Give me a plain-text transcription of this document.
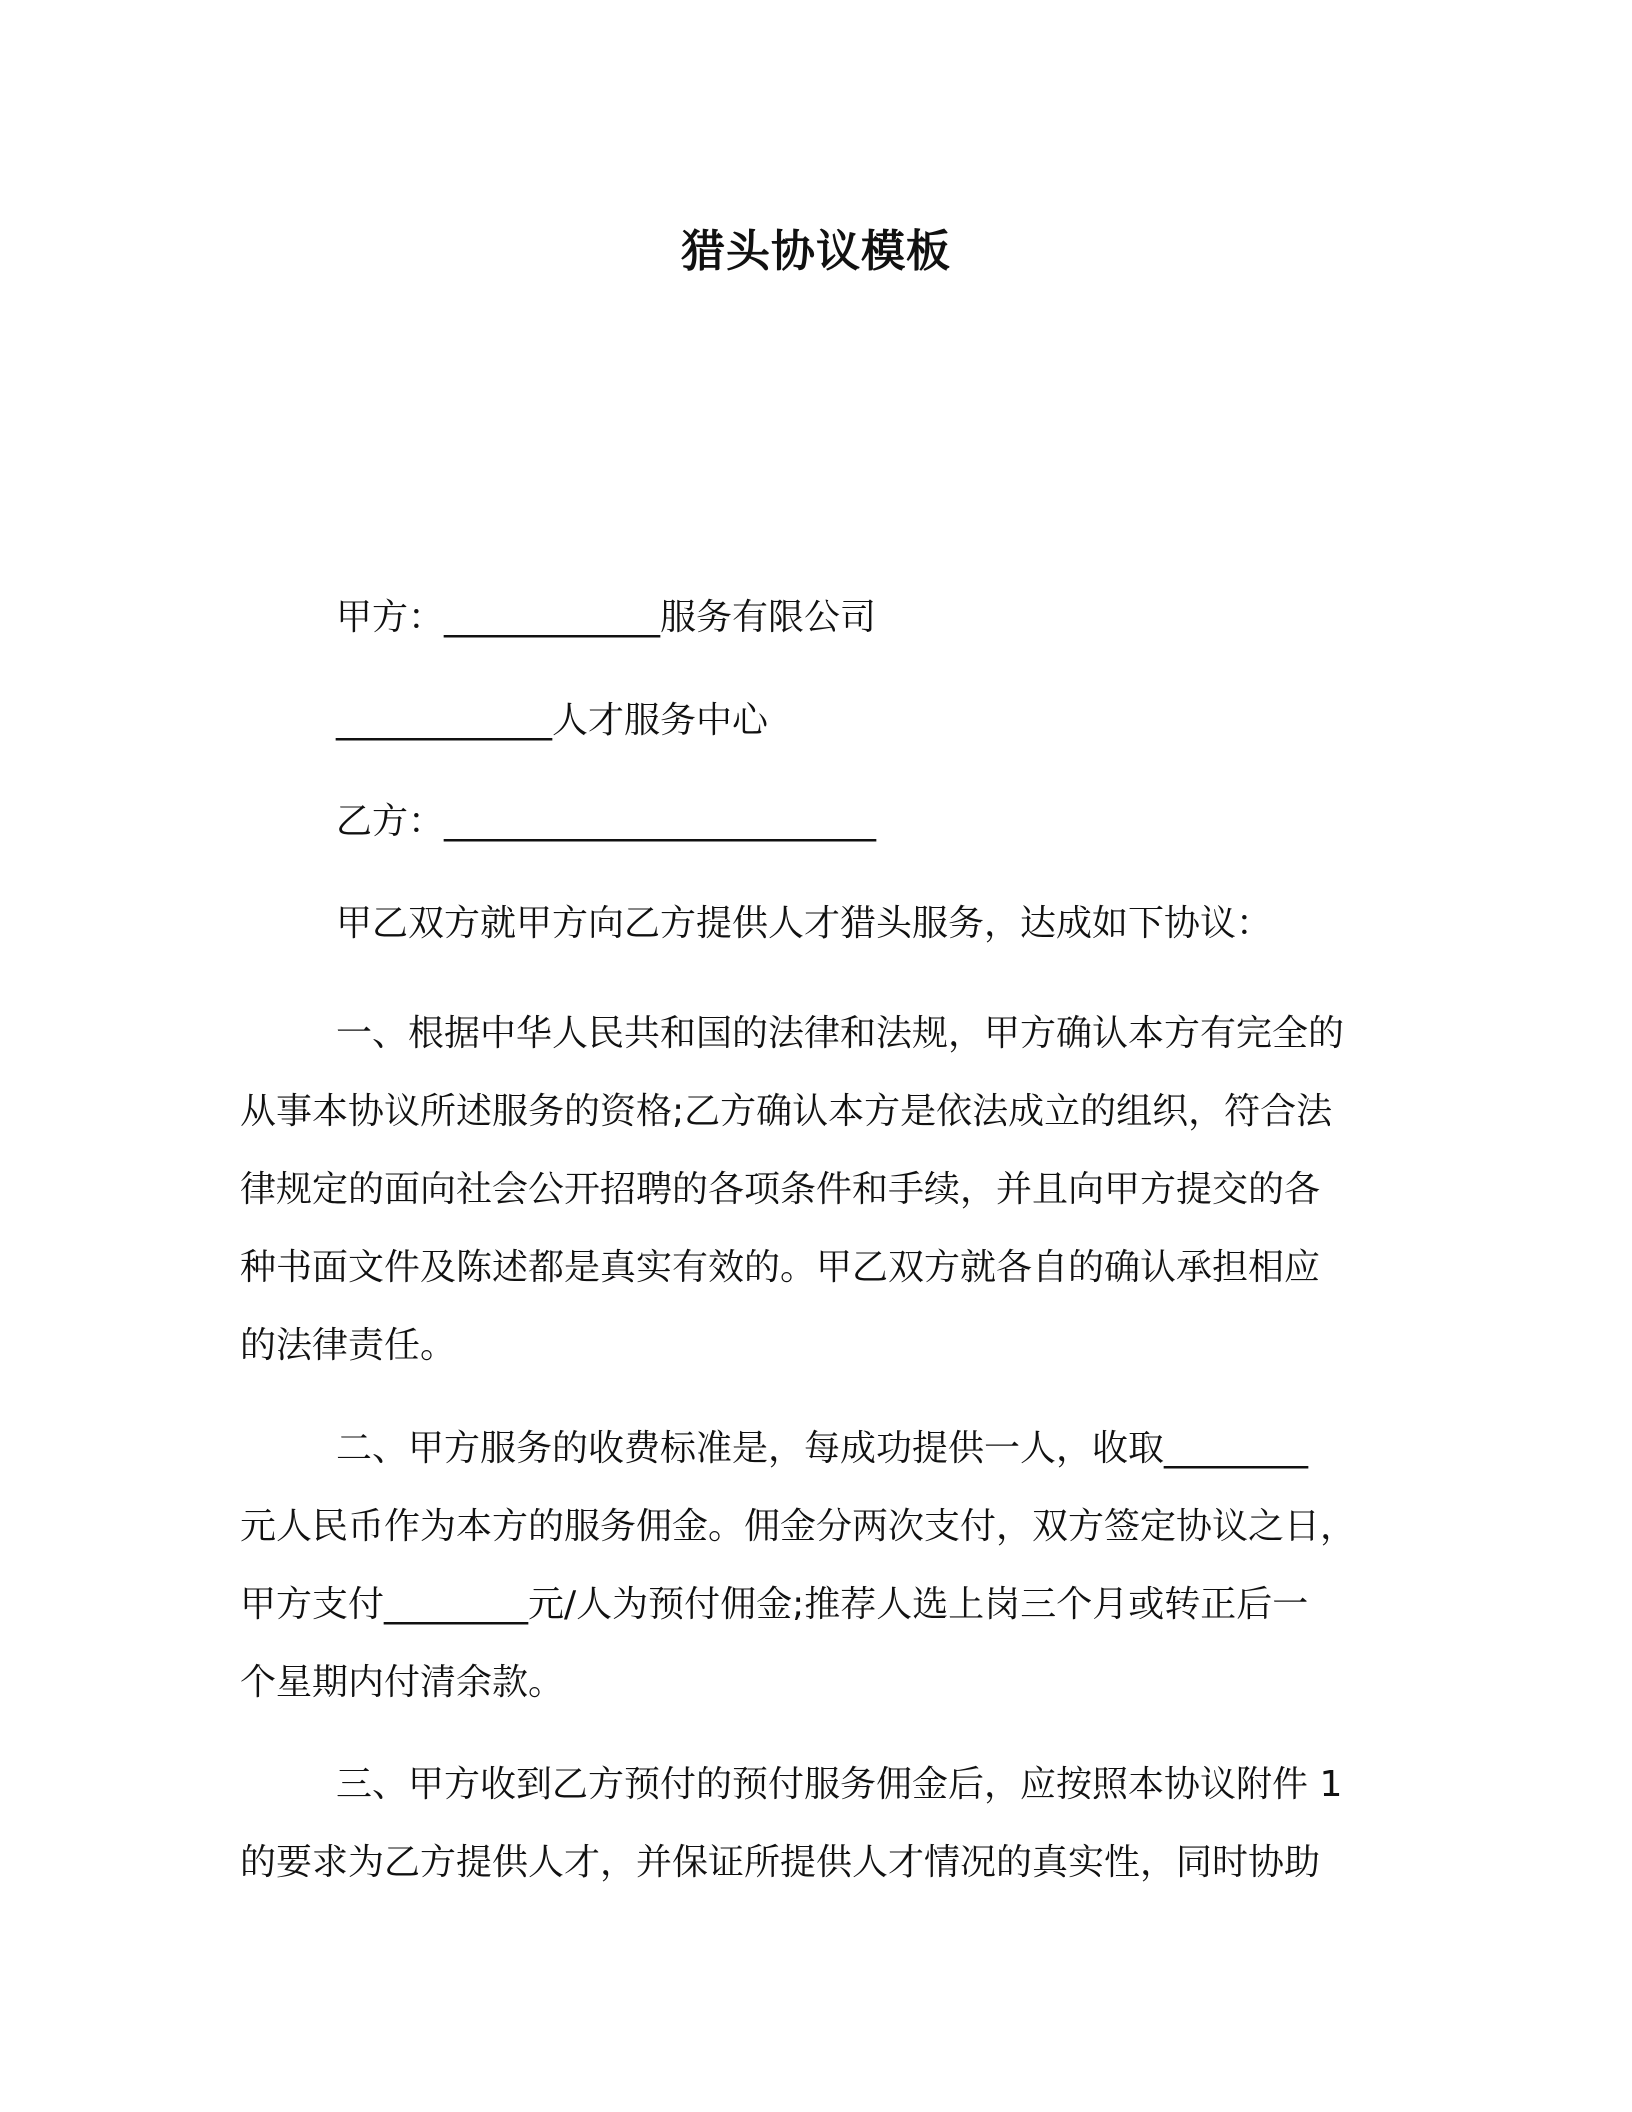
猎头协议模板
甲方：____________服务有限公司
____________人才服务中心
乙方：________________________
甲乙双方就甲方向乙方提供人才猎头服务，达成如下协议：
一、根据中华人民共和国的法律和法规，甲方确认本方有完全的
从事本协议所述服务的资格;乙方确认本方是依法成立的组织，符合法
律规定的面向社会公开招聘的各项条件和手续，并且向甲方提交的各
种书面文件及陈述都是真实有效的。甲乙双方就各自的确认承担相应
的法律责任。
二、甲方服务的收费标准是，每成功提供一人，收取________
元人民币作为本方的服务佣金。佣金分两次支付，双方签定协议之日，
甲方支付________元/人为预付佣金;推荐人选上岗三个月或转正后一
个星期内付清余款。
三、甲方收到乙方预付的预付服务佣金后，应按照本协议附件 1
的要求为乙方提供人才，并保证所提供人才情况的真实性，同时协助
